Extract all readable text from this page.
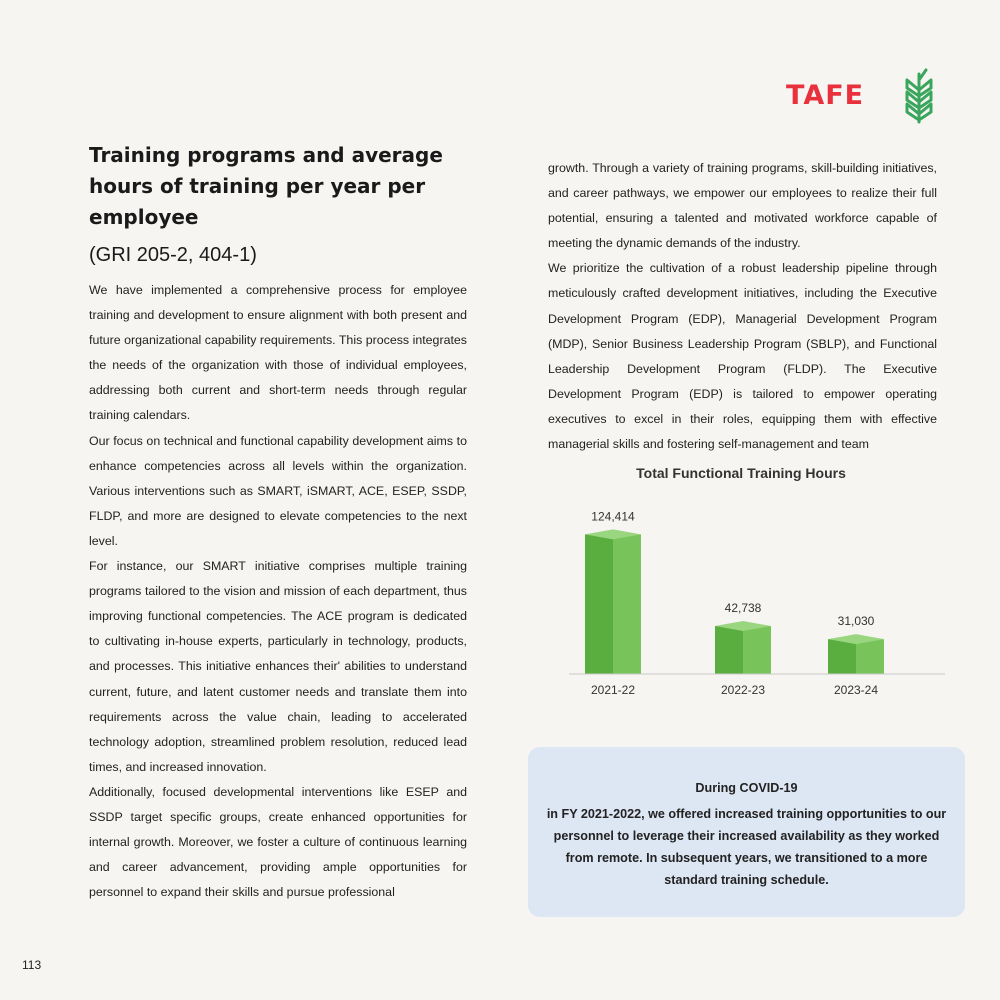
TAFE
Training programs and average hours of training per year per employee
(GRI 205-2, 404-1)

We have implemented a comprehensive process for employee training and development to ensure alignment with both present and future organizational capability requirements. This process integrates the needs of the organization with those of individual employees, addressing both current and short-term needs through regular training calendars.

Our focus on technical and functional capability development aims to enhance competencies across all levels within the organization. Various interventions such as SMART, iSMART, ACE, ESEP, SSDP, FLDP, and more are designed to elevate competencies to the next level.

For instance, our SMART initiative comprises multiple training programs tailored to the vision and mission of each department, thus improving functional competencies. The ACE program is dedicated to cultivating in-house experts, particularly in technology, products, and processes. This initiative enhances their' abilities to understand current, future, and latent customer needs and translate them into requirements across the value chain, leading to accelerated technology adoption, streamlined problem resolution, reduced lead times, and increased innovation.

Additionally, focused developmental interventions like ESEP and SSDP target specific groups, create enhanced opportunities for internal growth. Moreover, we foster a culture of continuous learning and career advancement, providing ample opportunities for personnel to expand their skills and pursue professional

growth. Through a variety of training programs, skill-building initiatives, and career pathways, we empower our employees to realize their full potential, ensuring a talented and motivated workforce capable of meeting the dynamic demands of the industry.

We prioritize the cultivation of a robust leadership pipeline through meticulously crafted development initiatives, including the Executive Development Program (EDP), Managerial Development Program (MDP), Senior Business Leadership Program (SBLP), and Functional Leadership Development Program (FLDP). The Executive Development Program (EDP) is tailored to empower operating executives to excel in their roles, equipping them with effective managerial skills and fostering self-management and team

Total Functional Training Hours
124,414
2021-22
42,738
2022-23
31,030
2023-24

During COVID-19

in FY 2021-2022, we offered increased training opportunities to our personnel to leverage their increased availability as they worked from remote. In subsequent years, we transitioned to a more standard training schedule.

113
